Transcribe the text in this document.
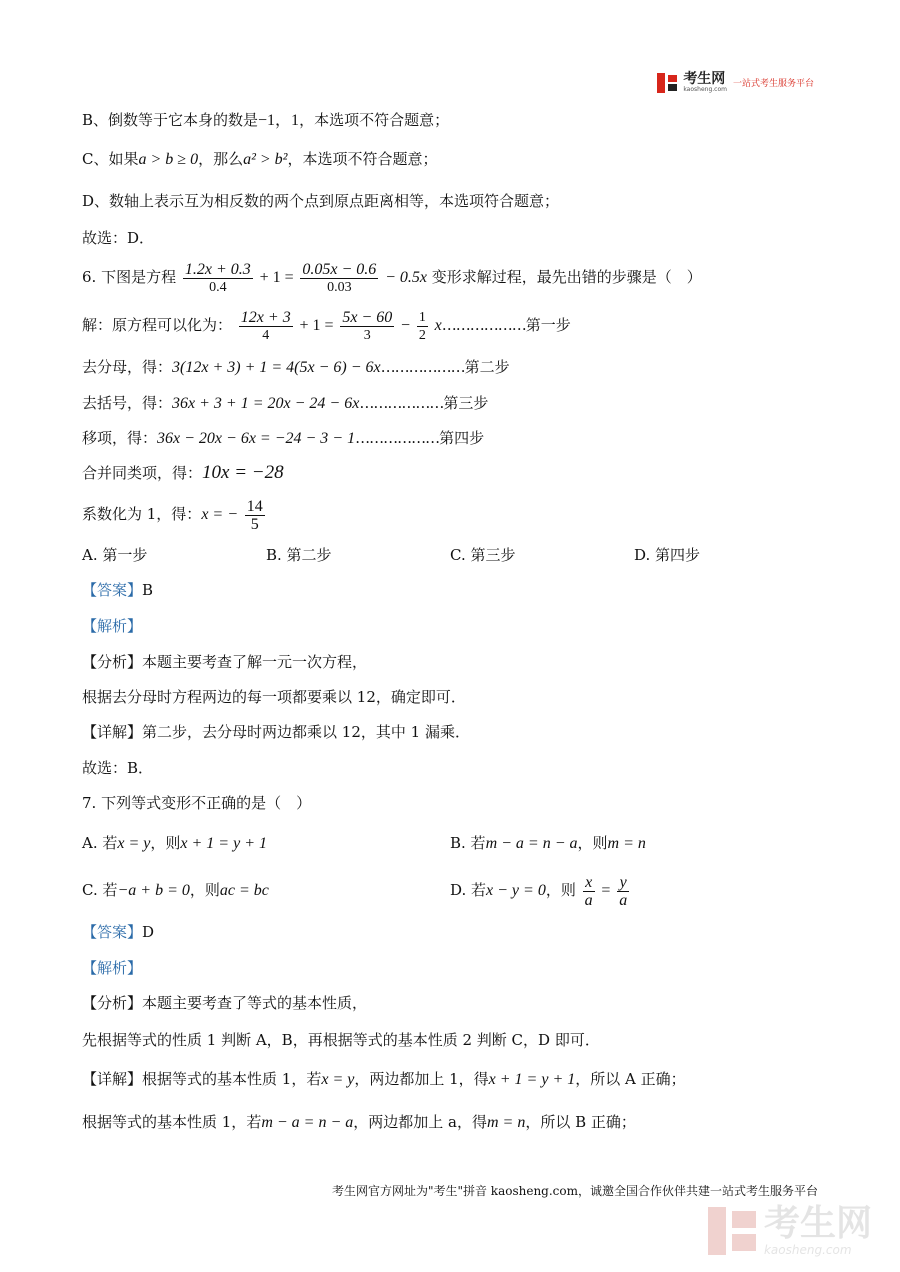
考生网
kaosheng.com
一站式考生服务平台
B、倒数等于它本身的数是−1，1，本选项不符合题意；
C、如果a > b ≥ 0，那么a² > b²，本选项不符合题意；
D、数轴上表示互为相反数的两个点到原点距离相等，本选项符合题意；
故选：D．
6. 下图是方程 $\frac{1.2x + 0.3}{0.4} + 1 = \frac{0.05x - 0.6}{0.03} - 0.5x$ 变形求解过程，最先出错的步骤是（　）
解：原方程可以化为： $\frac{12x + 3}{4} + 1 = \frac{5x - 60}{3} - \frac{1}{2}$ x………………第一步
去分母，得：3(12x + 3) + 1 = 4(5x − 6) − 6x………………第二步
去括号，得：36x + 3 + 1 = 20x − 24 − 6x………………第三步
移项，得：36x − 20x − 6x = −24 − 3 − 1………………第四步
合并同类项，得：10x = −28
系数化为 1，得：x = − $\frac{14}{5}$
A. 第一步	B. 第二步	C. 第三步	D. 第四步
【答案】B
【解析】
【分析】本题主要考查了解一元一次方程，
根据去分母时方程两边的每一项都要乘以 12，确定即可．
【详解】第二步，去分母时两边都乘以 12，其中 1 漏乘．
故选：B．
7. 下列等式变形不正确的是（　）
A. 若x = y，则x + 1 = y + 1	B. 若m − a = n − a，则m = n
C. 若−a + b = 0，则ac = bc	D. 若x − y = 0，则 $\frac{x}{a} = \frac{y}{a}$
【答案】D
【解析】
【分析】本题主要考查了等式的基本性质，
先根据等式的性质 1 判断 A，B，再根据等式的基本性质 2 判断 C，D 即可．
【详解】根据等式的基本性质 1，若x = y，两边都加上 1，得x + 1 = y + 1，所以 A 正确；
根据等式的基本性质 1，若m − a = n − a，两边都加上 a，得m = n，所以 B 正确；
考生网官方网址为"考生"拼音 kaosheng.com，诚邀全国合作伙伴共建一站式考生服务平台
考生网
kaosheng.com
